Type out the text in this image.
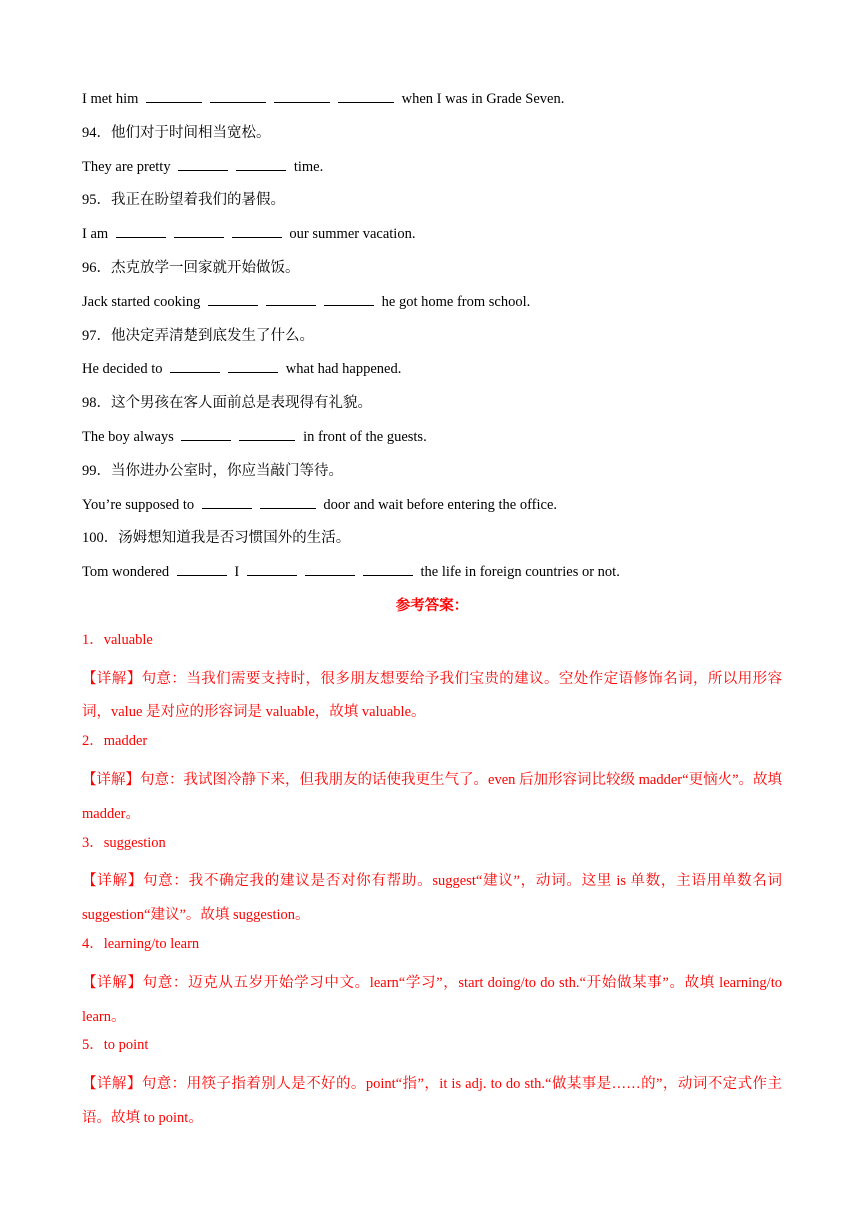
I met him	when I was in Grade Seven.
94．他们对于时间相当宽松。
They are pretty	time.
95．我正在盼望着我们的暑假。
I am	our summer vacation.
96．杰克放学一回家就开始做饭。
Jack started cooking	he got home from school.
97．他决定弄清楚到底发生了什么。
He decided to	what had happened.
98．这个男孩在客人面前总是表现得有礼貌。
The boy always	in front of the guests.
99．当你进办公室时，你应当敲门等待。
You’re supposed to	door and wait before entering the office.
100．汤姆想知道我是否习惯国外的生活。
Tom wondered	I	the life in foreign countries or not.
参考答案：
1．valuable
【详解】句意：当我们需要支持时，很多朋友想要给予我们宝贵的建议。空处作定语修饰名词，所以用形容词，value 是对应的形容词是 valuable，故填 valuable。
2．madder
【详解】句意：我试图冷静下来，但我朋友的话使我更生气了。even 后加形容词比较级 madder“更恼火”。故填 madder。
3．suggestion
【详解】句意：我不确定我的建议是否对你有帮助。suggest“建议”，动词。这里 is 单数，主语用单数名词 suggestion“建议”。故填 suggestion。
4．learning/to learn
【详解】句意：迈克从五岁开始学习中文。learn“学习”，start doing/to do sth.“开始做某事”。故填 learning/to learn。
5．to point
【详解】句意：用筷子指着别人是不好的。point“指”，it is adj. to do sth.“做某事是……的”，动词不定式作主语。故填 to point。
